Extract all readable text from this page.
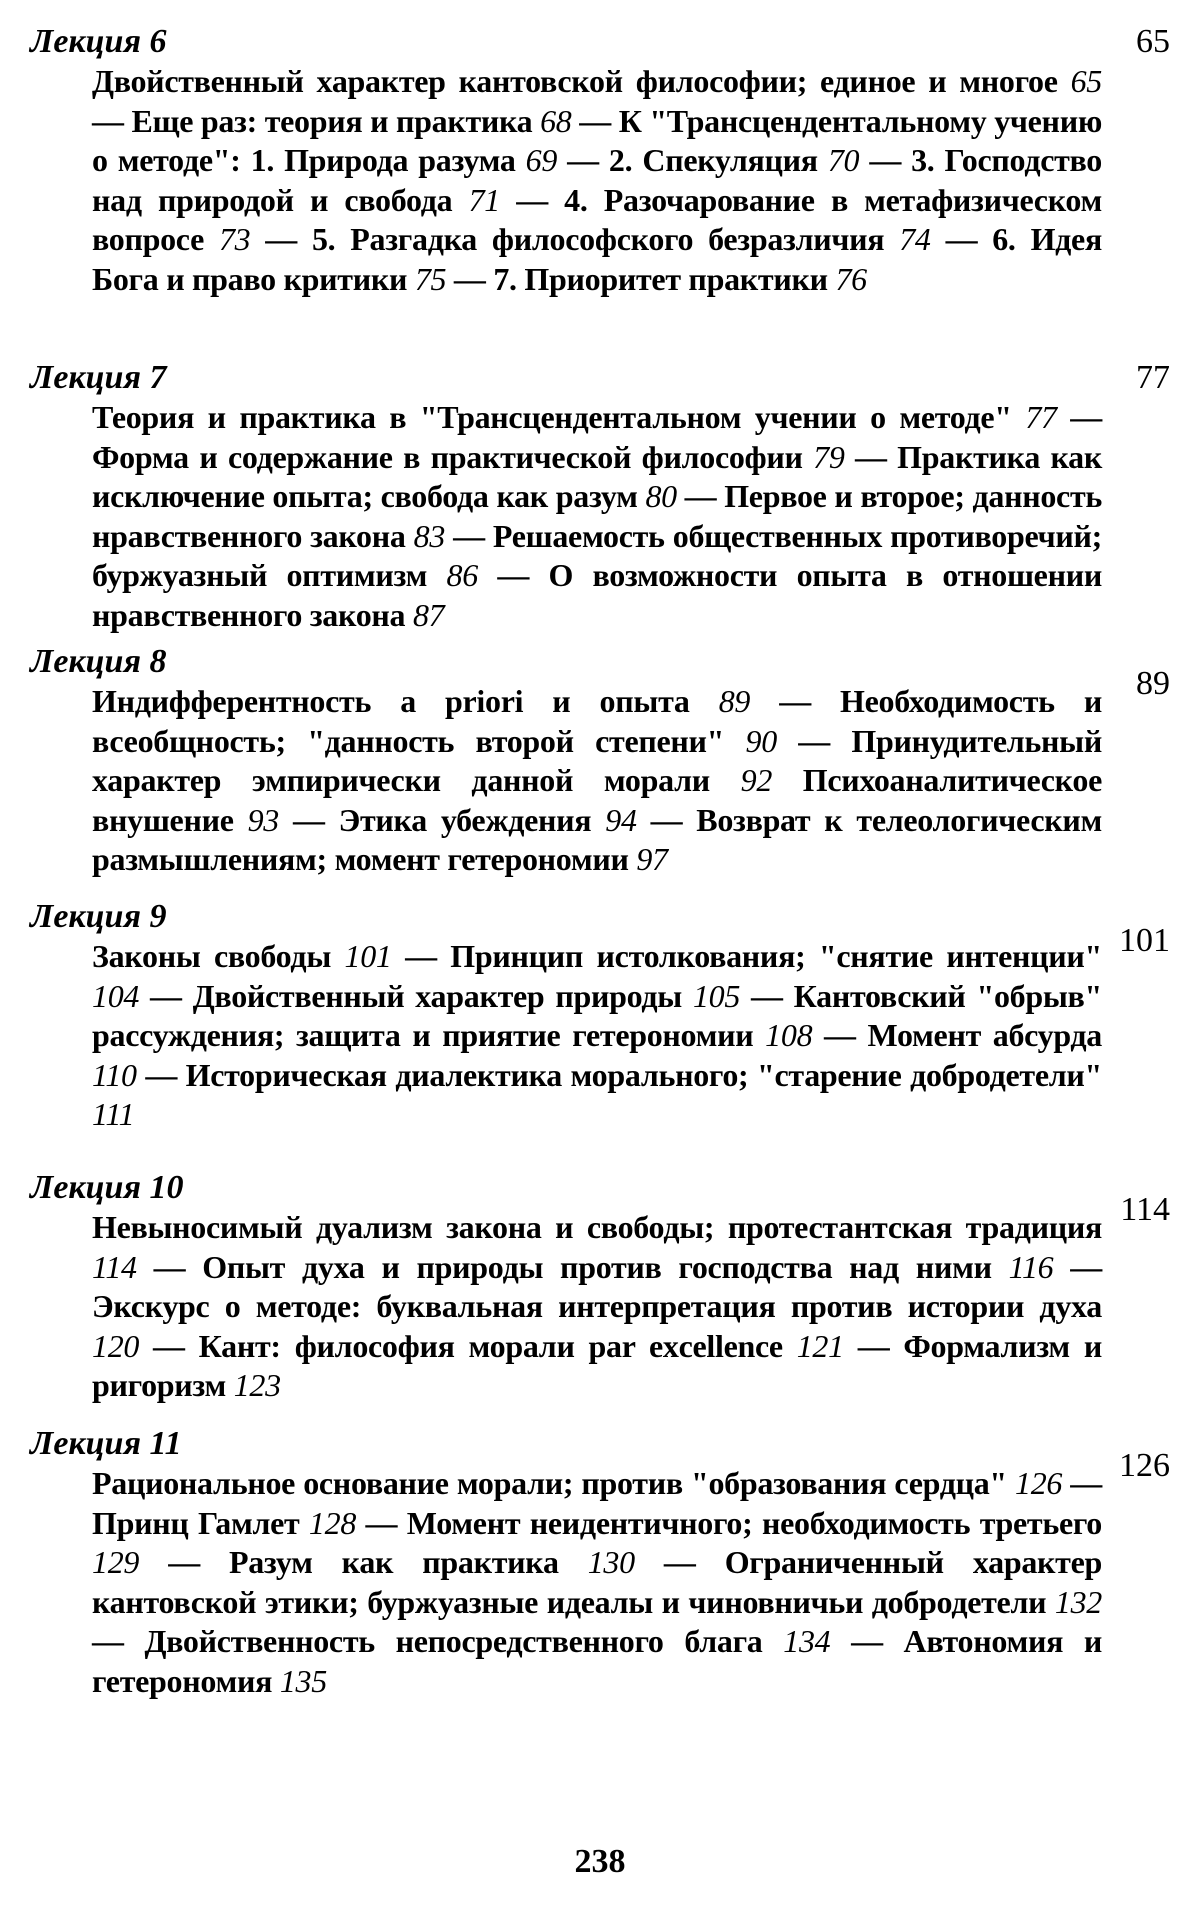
Лекция 6	65
Двойственный характер кантовской философии; единое и многое 65 — Еще раз: теория и практика 68 — К "Трансцендентальному учению о методе": 1. Природа разума 69 — 2. Спекуляция 70 — 3. Господство над природой и свобода 71 — 4. Разочарование в метафизическом вопросе 73 — 5. Разгадка философского безразличия 74 — 6. Идея Бога и право критики 75 — 7. Приоритет практики 76
Лекция 7	77
Теория и практика в "Трансцендентальном учении о методе" 77 — Форма и содержание в практической философии 79 — Практика как исключение опыта; свобода как разум 80 — Первое и второе; данность нравственного закона 83 — Решаемость общественных противоречий; буржуазный оптимизм 86 — О возможности опыта в отношении нравственного закона 87
Лекция 8
89
Индифферентность a priori и опыта 89 — Необходимость и всеобщность; "данность второй степени" 90 — Принудительный характер эмпирически данной морали 92 Психоаналитическое внушение 93 — Этика убеждения 94 — Возврат к телеологическим размышлениям; момент гетерономии 97
Лекция 9
101
Законы свободы 101 — Принцип истолкования; "снятие интенции" 104 — Двойственный характер природы 105 — Кантовский "обрыв" рассуждения; защита и приятие гетерономии 108 — Момент абсурда 110 — Историческая диалектика морального; "старение добродетели" 111
Лекция 10
114
Невыносимый дуализм закона и свободы; протестантская традиция 114 — Опыт духа и природы против господства над ними 116 — Экскурс о методе: буквальная интерпретация против истории духа 120 — Кант: философия морали par excellence 121 — Формализм и ригоризм 123
Лекция 11
126
Рациональное основание морали; против "образования сердца" 126 — Принц Гамлет 128 — Момент неидентичного; необходимость третьего 129 — Разум как практика 130 — Ограниченный характер кантовской этики; буржуазные идеалы и чиновничьи добродетели 132 — Двойственность непосредственного блага 134 — Автономия и гетерономия 135
238
